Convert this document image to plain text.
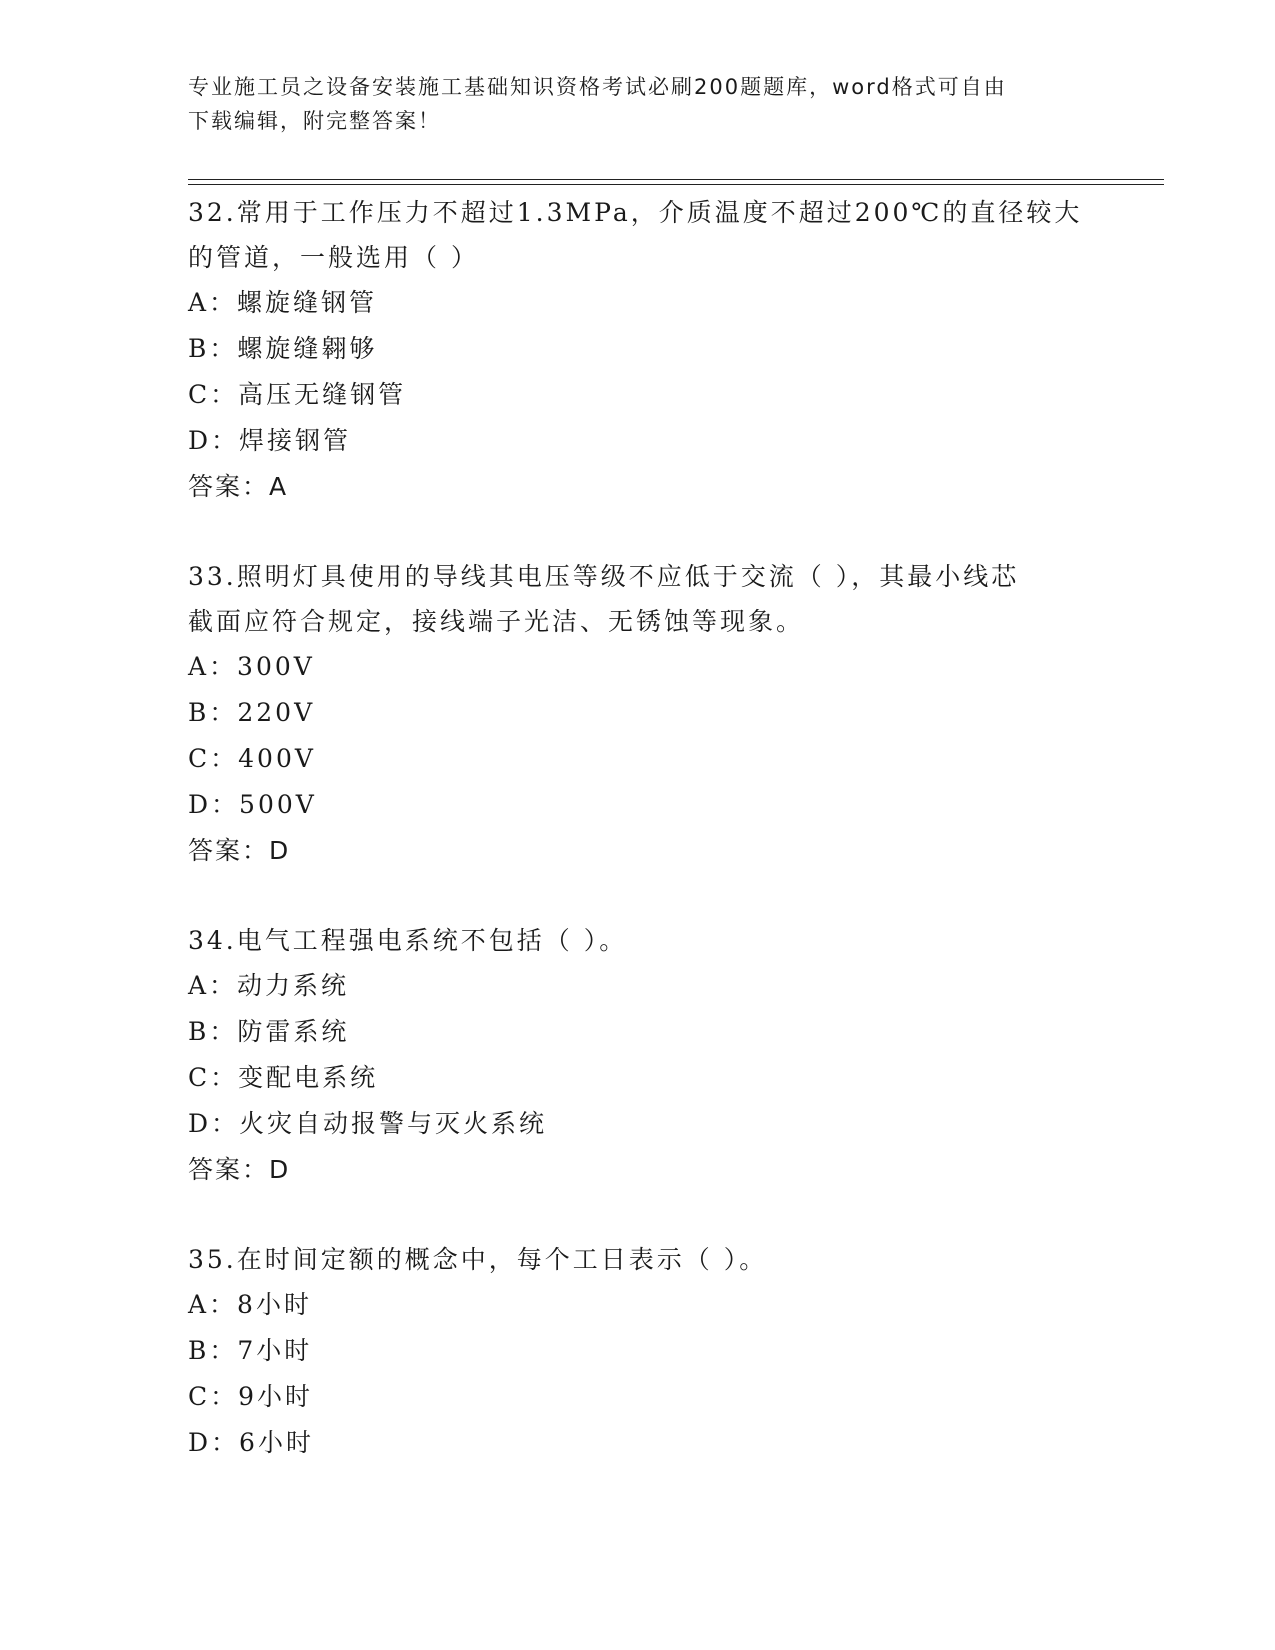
专业施工员之设备安装施工基础知识资格考试必刷200题题库，word格式可自由
下载编辑，附完整答案！

32.常用于工作压力不超过1.3MPa，介质温度不超过200℃的直径较大
的管道，一般选用（ ）

A：螺旋缝钢管

B：螺旋缝翱够

C：高压无缝钢管

D：焊接钢管

答案：A

33.照明灯具使用的导线其电压等级不应低于交流（ ），其最小线芯
截面应符合规定，接线端子光洁、无锈蚀等现象。

A：300V

B：220V

C：400V

D：500V

答案：D

34.电气工程强电系统不包括（ ）。

A：动力系统

B：防雷系统

C：变配电系统

D：火灾自动报警与灭火系统

答案：D

35.在时间定额的概念中，每个工日表示（ ）。

A：8小时

B：7小时

C：9小时

D：6小时
